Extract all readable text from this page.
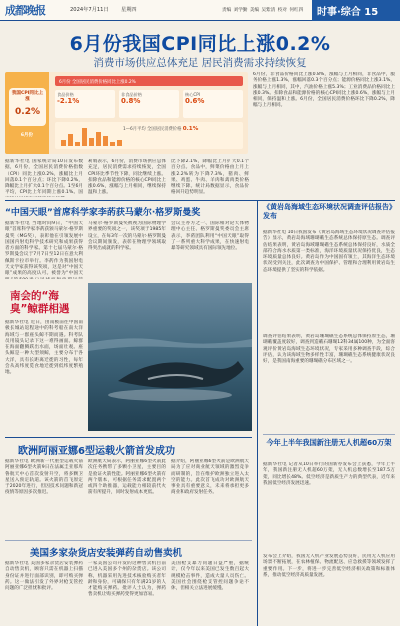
成都晚报	2024年7月11日 星期四	责编 刘学勤 美编 吴紫清 校对 何红四	时事·综合 15
6月份我国CPI同比上涨0.2%
消费市场供应总体充足 居民消费需求持续恢复
我国CPI同比上涨
0.2%
6月份
6月份 全国居民消费价格同比上涨0.2%
食品价格
-2.1%
非食品价格
0.8%
核心CPI
0.6%
1—6月平均 全国居民消费价格 0.1%
6月份，非食品价格同比上涨0.8%，涨幅与上月相同，非食品中，服务价格上涨1.3%，涨幅回落0.3个百分点；能源价格同比上涨3.1%，涨幅与上月相同，其中，汽油价格上涨5.3%；工业消费品价格同比上涨0.3%。扣除食品和能源价格的核心CPI同比上涨0.6%，涨幅与上月相同，保持温和上涨。6月份，全国居民消费价格环比下降0.2%，降幅与上月相同。
据新华社电 国家统计局10日发布数据，6月份，全国居民消费价格指数（CPI）同比上涨0.2%，涨幅比上月回落0.1个百分点；环比下降0.2%，降幅比上月扩大0.1个百分点。1至6月平均，CPI比上年同期上涨0.1%。国
莉娟表示，6月份，消费市场供应总体充足，居民消费需求持续恢复，全国CPI环比季节性下降，同比继续上涨。扣除食品和能源价格的核心CPI同比上涨0.6%，涨幅与上月相同，继续保持温和上涨。
比下降2.1%，降幅比上月扩大0.1个百分点。食品中，鲜菜价格由上月上涨2.2%转为下降7.3%，猪肉、鲜果、鸡蛋、牛肉、羊肉和禽肉类价格继续下降。统计局数据显示，食品价格回升趋势明显。
“中国天眼”首席科学家李菂获马蒙尔·格罗斯曼奖
据新华社电 当地时间9日，“中国天眼”首席科学家李菂获颁马蒙尔·格罗斯曼奖（MG奖），表彰他在引领发展中国国内射电科学技术研究和成果获得者方面的科学家。第十七届马蒙尔·格罗斯曼会议于7月7日至12日在意大利佩斯卡拉市举行。李菂作为我国射电天文学家获得该奖项，这是对“中国天眼”成果的高度认可。被誉为“中国天
马蒙尔·格罗斯曼奖被视为国际物理学界重要的奖项之一，该奖项于1985年设立，在每3年一次的马蒙尔·格罗斯曼会议期间颁发，表彰在物理学领域取得突出成就的科学家。
会议主办方之一、国际相对论天体物理中心主任、格罗斯曼奖委员会主席表示，李菂团队利用“中国天眼”取得了一系列重大科学成果，在快速射电暴等研究领域具有国际领先地位。
《黄岩岛海域生态环境状况调查评估报告》发布
据新华社电 10日我国发布《黄岩岛海域生态环境状况调查评估报告》显示，黄岩岛海域珊瑚礁生态系统总体保持原生态。调查评估结果表明，黄岩岛海域珊瑚礁生态系统总体保持良好，水质全部符合海水水质第一类标准，海洋环境质量状况保持优良，生态环境质量总体良好。黄岩岛作为中国固有领土，其海洋生态环境状况受到关注，此次调查为中国保护、管理和合理利用黄岩岛生态环境提供了坚实的科学依据。
调查评估结果表明，黄岩岛珊瑚礁生态系统总体保持原生态，珊瑚礁覆盖度较好，调查到造礁石珊瑚12科34属100种，为全面客观评价黄岩岛海域生态环境状况，专家采用多种调查手段，综合评估，认为该海域生物多样性丰富，珊瑚礁生态系统健康状况良好，是我国南海重要的珊瑚礁分布区域之一。
南会的“海臭”鲸群相遇
据新华社电 近日，由南极前往中国南极长城站返程途中的科考船在南大洋海域与一群座头鲸不期而遇。科考队员用镜头记录下这一难得画面。鲸群在海面翻腾跃出水面，场面壮观。座头鲸是一种大型须鲸，主要分布于各大洋，具有长距离迁徙的习性，每年会从高纬度觅食地迁徙到低纬度繁殖地。
欧洲阿丽亚娜6型运载火箭首发成功
据新华社电 欧洲新一代重型运载火箭阿丽亚娜6型火箭9日在法属圭亚那库鲁航天中心首次发射升空，将多颗卫星送入预定轨道。该火箭的首飞原定于2020年进行，但因技术问题和新冠疫情等原因多次推迟。
欧洲航天局表示，阿丽亚娜6型火箭此次任务携带了多颗小卫星，主要目的是验证火箭性能。阿丽亚娜6型火箭有两个版本，可根据任务需求配置两个或四个助推器，运载能力相较前代火箭有所提升，同时发射成本更低。
据介绍，阿丽亚娜6型火箭是欧洲航天局为了应对商业航天领域的激烈竞争而研制的，旨在维护欧洲独立进入太空的能力。此次首飞成功对欧洲航天事业具有重要意义，未来将承担更多商业和政府发射任务。
美国多家杂货店安装弹药自动售卖机
据新华社电 美国多家杂货店安装弹药自动售卖机，顾客只需在机器上扫描身份证并进行面部识别，即可购买弹药。这一做法引发了外界对枪支管控问题的广泛担忧和批评。
一家美国公司开发的这种售卖机目前已进入美国多个州的杂货店。该公司称，机器采用先进技术核验购买者年龄和身份，可确保只有年满21岁的人才能购买弹药。批评人士认为，弹药售卖机让购买弹药变得更加容易。
美国枪支暴力问题日益严重，据统计，仅今年以来美国已发生数百起大规模枪击事件，造成大量人员伤亡。美国社会围绕枪支管控问题争论不休，但相关立法进展缓慢。
今年上半年我国新注册无人机超60万架
据新华社电 记者从10日举行的国新办发布会上获悉，今年上半年，我国新注册无人机超60万架，无人机总数增长至187.5万架，同比增长48%。低空经济是新质生产力的典型代表，近年来我国低空经济发展迅速。
发布会上介绍，我国无人机产业发展态势良好，民用无人机应用场景不断拓展，在农林植保、物流配送、应急救援等领域发挥了重要作用。下一步，将进一步完善低空经济相关政策和标准体系，推动低空经济高质量发展。
